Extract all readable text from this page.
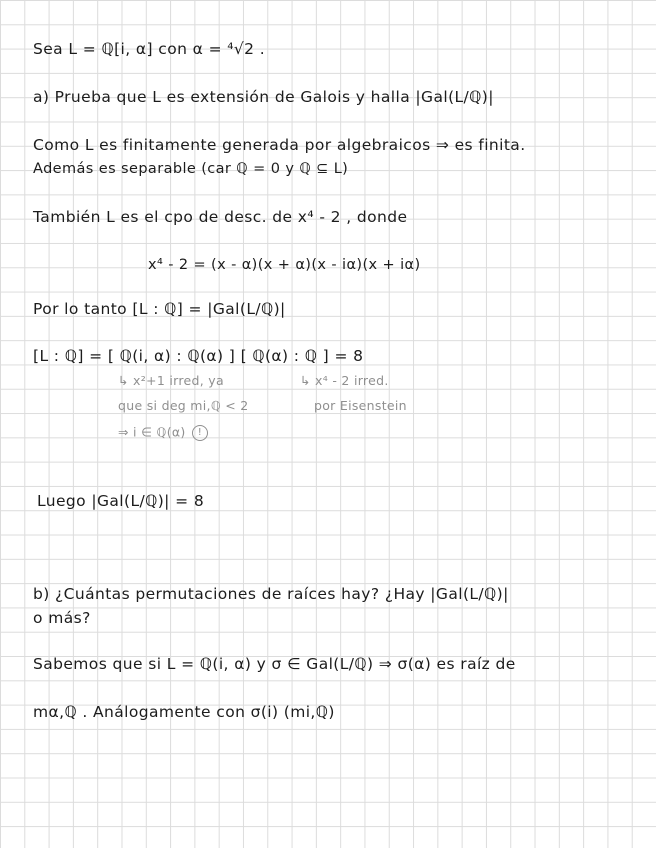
Sea L = ℚ[i, α] con α = ⁴√2 .
a) Prueba que L es extensión de Galois y halla |Gal(L/ℚ)|
Como L es finitamente generada por algebraicos ⇒ es finita.
Además es separable (car ℚ = 0 y ℚ ⊆ L)
También L es el cpo de desc. de x⁴ - 2 , donde
x⁴ - 2 = (x - α)(x + α)(x - iα)(x + iα)
Por lo tanto [L : ℚ] = |Gal(L/ℚ)|
[L : ℚ] = [ ℚ(i, α) : ℚ(α) ] [ ℚ(α) : ℚ ] = 8
↳ x²+1 irred, ya
que si deg mi,ℚ < 2
⇒ i ∈ ℚ(α) !
↳ x⁴ - 2 irred.
por Eisenstein
Luego |Gal(L/ℚ)| = 8
b) ¿Cuántas permutaciones de raíces hay? ¿Hay |Gal(L/ℚ)|
o más?
Sabemos que si L = ℚ(i, α) y σ ∈ Gal(L/ℚ) ⇒ σ(α) es raíz de
mα,ℚ . Análogamente con σ(i) (mi,ℚ)
